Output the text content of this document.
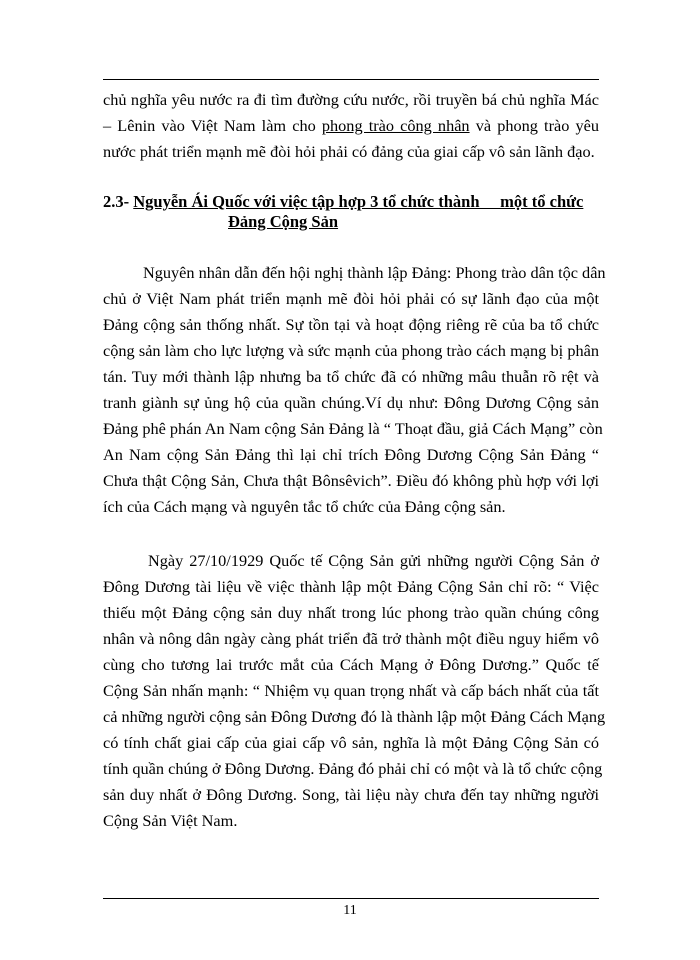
chủ nghĩa yêu nước ra đi tìm đường cứu nước, rồi truyền bá chủ nghĩa Mác
– Lênin vào Việt Nam làm cho phong trào công nhân và phong trào yêu
nước phát triển mạnh mẽ đòi hỏi phải có đảng của giai cấp vô sản lãnh đạo.
2.3- Nguyễn Ái Quốc với việc tập hợp 3 tổ chức thành     một tổ chức
Đảng Cộng Sản
Nguyên nhân dẫn đến hội nghị thành lập Đảng: Phong trào dân tộc dân
chủ ở Việt Nam phát triển mạnh mẽ đòi hỏi phải có sự lãnh đạo của một
Đảng cộng sản thống nhất. Sự tồn tại và hoạt động riêng rẽ của ba tổ chức
cộng sản làm cho lực lượng và sức mạnh của phong trào cách mạng bị phân
tán. Tuy mới thành lập nhưng ba tổ chức đã có những mâu thuẫn rõ rệt và
tranh giành sự ủng hộ của quần chúng.Ví dụ như: Đông Dương Cộng sản
Đảng phê phán An Nam cộng Sản Đảng là “ Thoạt đầu, giả Cách Mạng” còn
An Nam cộng Sản Đảng thì lại chỉ trích Đông Dương Cộng Sản Đảng “
Chưa thật Cộng Sản, Chưa thật Bônsêvich”. Điều đó không phù hợp với lợi
ích của Cách mạng và nguyên tắc tổ chức của Đảng cộng sản.
Ngày 27/10/1929 Quốc tế Cộng Sản gửi những người Cộng Sản ở
Đông Dương tài liệu về việc thành lập một Đảng Cộng Sản chỉ rõ: “ Việc
thiếu một Đảng cộng sản duy nhất trong lúc phong trào quần chúng công
nhân và nông dân ngày càng phát triển đã trở thành một điều nguy hiểm vô
cùng cho tương lai trước mắt của Cách Mạng ở Đông Dương.” Quốc tế
Cộng Sản nhấn mạnh: “ Nhiệm vụ quan trọng nhất và cấp bách nhất của tất
cả những người cộng sản Đông Dương đó là thành lập một Đảng Cách Mạng
có tính chất giai cấp của giai cấp vô sản, nghĩa là một Đảng Cộng Sản có
tính quần chúng ở Đông Dương. Đảng đó phải chỉ có một và là tổ chức cộng
sản duy nhất ở Đông Dương. Song, tài liệu này chưa đến tay những người
Cộng Sản Việt Nam.
11
